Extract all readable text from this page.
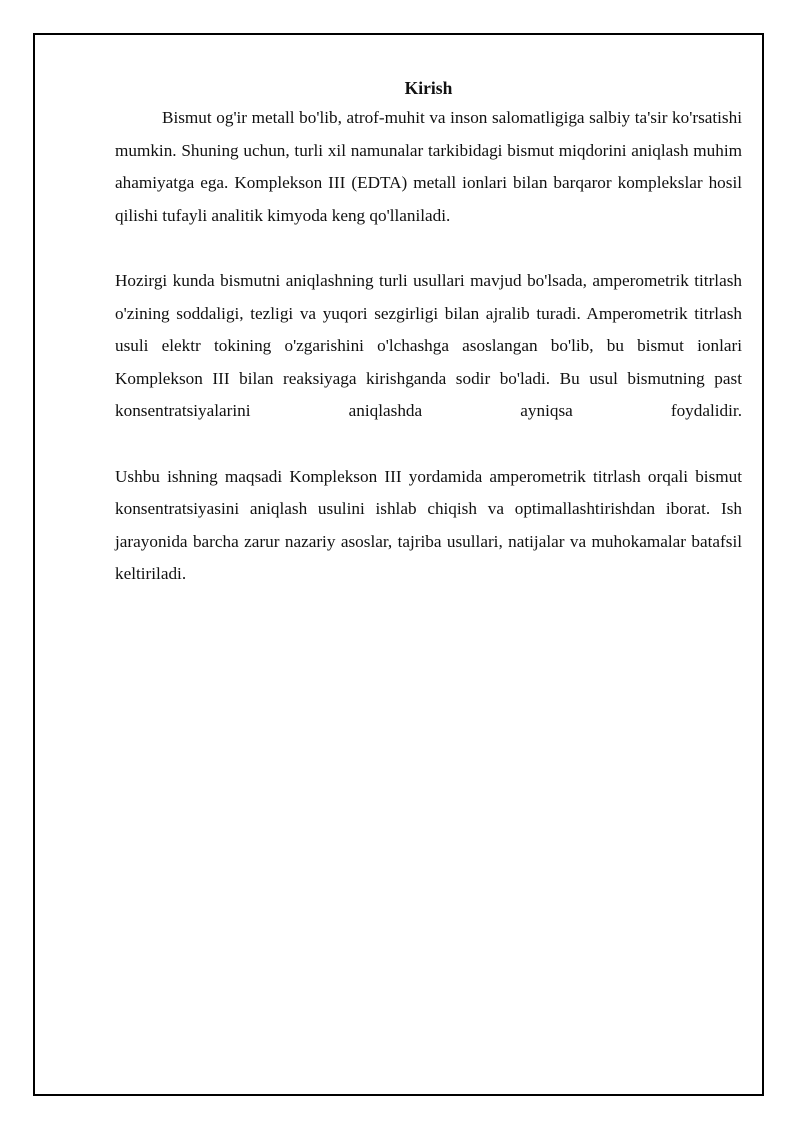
Kirish

Bismut og'ir metall bo'lib, atrof-muhit va inson salomatligiga salbiy ta'sir ko'rsatishi mumkin. Shuning uchun, turli xil namunalar tarkibidagi bismut miqdorini aniqlash muhim ahamiyatga ega. Komplekson III (EDTA) metall ionlari bilan barqaror komplekslar hosil qilishi tufayli analitik kimyoda keng qo'llaniladi.

Hozirgi kunda bismutni aniqlashning turli usullari mavjud bo'lsada, amperometrik titrlash o'zining soddaligi, tezligi va yuqori sezgirligi bilan ajralib turadi. Amperometrik titrlash usuli elektr tokining o'zgarishini o'lchashga asoslangan bo'lib, bu bismut ionlari Komplekson III bilan reaksiyaga kirishganda sodir bo'ladi. Bu usul bismutning past konsentratsiyalarini aniqlashda ayniqsa foydalidir.

Ushbu ishning maqsadi Komplekson III yordamida amperometrik titrlash orqali bismut konsentratsiyasini aniqlash usulini ishlab chiqish va optimallashtirishdan iborat. Ish jarayonida barcha zarur nazariy asoslar, tajriba usullari, natijalar va muhokamalar batafsil keltiriladi.
